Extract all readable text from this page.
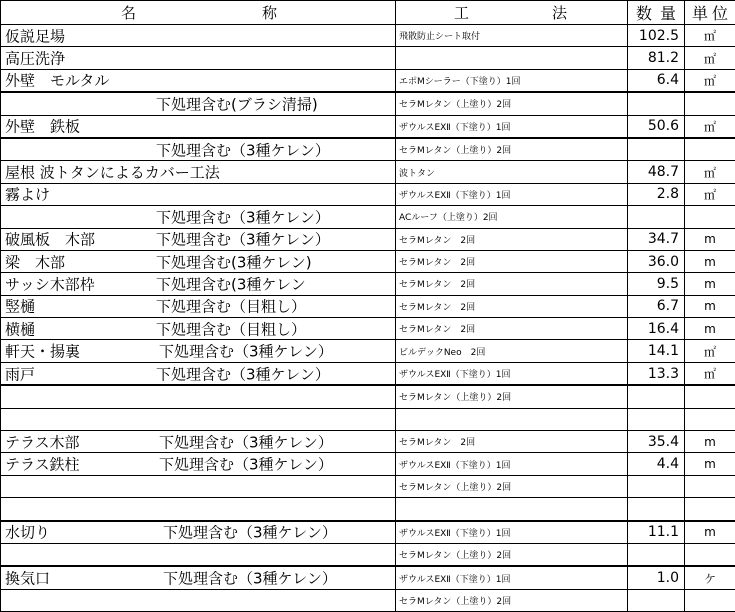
名 称	工 法	数 量	単 位

仮説足場	飛散防止シート取付	102.5	㎡

高圧洗浄		81.2	㎡

外壁　モルタル	エポMシーラー（下塗り）1回	6.4	㎡

下処理含む(ブラシ清掃)	セラMレタン（上塗り）2回		

外壁　鉄板	ザウルスEXⅡ（下塗り）1回	50.6	㎡

下処理含む（3種ケレン）	セラMレタン（上塗り）2回		

屋根 波トタンによるカバー工法	波トタン	48.7	㎡

霧よけ	ザウルスEXⅡ（下塗り）1回	2.8	㎡

下処理含む（3種ケレン）	ACルーフ（上塗り）2回		

破風板　木部 下処理含む（3種ケレン）	セラMレタン　2回	34.7	m

梁　木部 下処理含む(3種ケレン)	セラMレタン　2回	36.0	m

サッシ木部枠 下処理含む(3種ケレン	セラMレタン　2回	9.5	m

竪樋 下処理含む（目粗し）	セラMレタン　2回	6.7	m

横樋 下処理含む（目粗し）	セラMレタン　2回	16.4	m

軒天・揚裏 下処理含む（3種ケレン）	ビルデックNeo　2回	14.1	㎡

雨戸 下処理含む（3種ケレン）	ザウルスEXⅡ（下塗り）1回	13.3	㎡

	セラMレタン（上塗り）2回		

テラス木部 下処理含む（3種ケレン）	セラMレタン　2回	35.4	m

テラス鉄柱 下処理含む（3種ケレン）	ザウルスEXⅡ（下塗り）1回	4.4	m

	セラMレタン（上塗り）2回		

水切り 下処理含む（3種ケレン）	ザウルスEXⅡ（下塗り）1回	11.1	m

	セラMレタン（上塗り）2回		

換気口 下処理含む（3種ケレン）	ザウルスEXⅡ（下塗り）1回	1.0	ケ

	セラMレタン（上塗り）2回		
